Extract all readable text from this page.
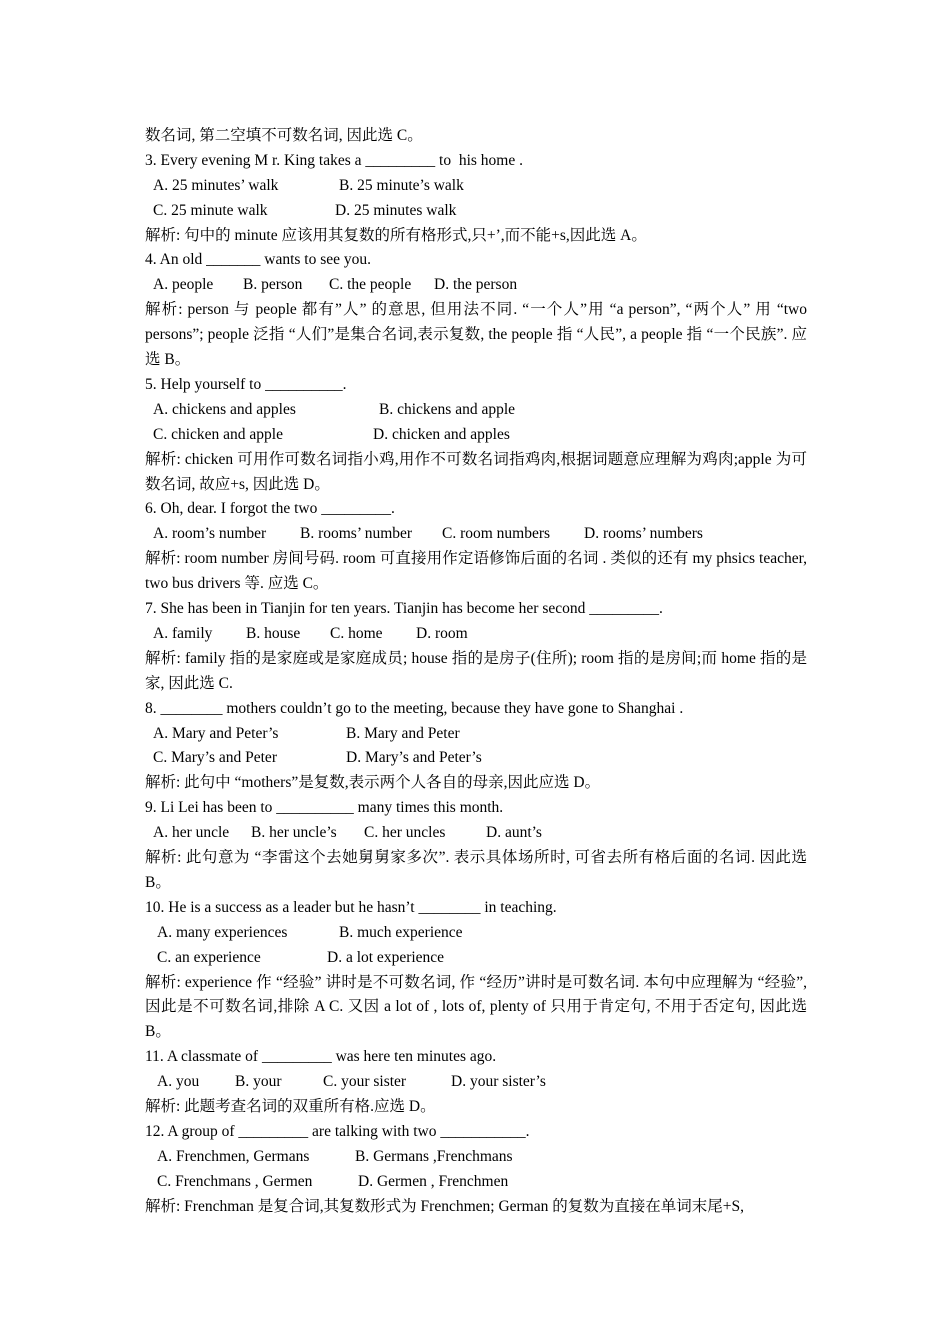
数名词, 第二空填不可数名词, 因此选 C。

3. Every evening M r. King takes a _________ to  his home .
A. 25 minutes’ walk	B. 25 minute’s walk
C. 25 minute walk	D. 25 minutes walk

解析: 句中的 minute 应该用其复数的所有格形式,只+’,而不能+s,因此选 A。

4. An old _______ wants to see you.
A. people B. person C. the people D. the person

解析: person 与 people 都有”人” 的意思, 但用法不同. “一个人”用 “a person”, “两个人” 用 “two persons”; people 泛指 “人们”是集合名词,表示复数, the people 指 “人民”, a people 指 “一个民族”. 应选 B。

5. Help yourself to __________.
A. chickens and apples	B. chickens and apple
C. chicken and apple	D. chicken and apples

解析: chicken 可用作可数名词指小鸡,用作不可数名词指鸡肉,根据词题意应理解为鸡肉;apple 为可数名词, 故应+s, 因此选 D。

6. Oh, dear. I forgot the two _________.
A. room’s number B. rooms’ number C. room numbers D. rooms’ numbers

解析: room number 房间号码. room 可直接用作定语修饰后面的名词 . 类似的还有 my phsics teacher, two bus drivers 等. 应选 C。

7. She has been in Tianjin for ten years. Tianjin has become her second _________.
A. family B. house C. home D. room

解析: family 指的是家庭或是家庭成员; house 指的是房子(住所); room 指的是房间;而 home 指的是家, 因此选 C.

8. ________ mothers couldn’t go to the meeting, because they have gone to Shanghai .
A. Mary and Peter’s	B. Mary and Peter
C. Mary’s and Peter	D. Mary’s and Peter’s

解析: 此句中 “mothers”是复数,表示两个人各自的母亲,因此应选 D。

9. Li Lei has been to __________ many times this month.
A. her uncle B. her uncle’s C. her uncles	D. aunt’s

解析: 此句意为 “李雷这个去她舅舅家多次”. 表示具体场所时, 可省去所有格后面的名词. 因此选 B。

10. He is a success as a leader but he hasn’t ________ in teaching.
A. many experiences	B. much experience
C. an experience	D. a lot experience

解析: experience 作 “经验” 讲时是不可数名词, 作 “经历”讲时是可数名词. 本句中应理解为 “经验”,因此是不可数名词,排除 A C. 又因 a lot of , lots of, plenty of 只用于肯定句, 不用于否定句, 因此选 B。

11. A classmate of _________ was here ten minutes ago.
A. you B. your	C. your sister	D. your sister’s

解析: 此题考查名词的双重所有格.应选 D。

12. A group of _________ are talking with two ___________.
A. Frenchmen, Germans	B. Germans ,Frenchmans
C. Frenchmans , Germen	D. Germen , Frenchmen

解析: Frenchman 是复合词,其复数形式为 Frenchmen; German 的复数为直接在单词末尾+S,
